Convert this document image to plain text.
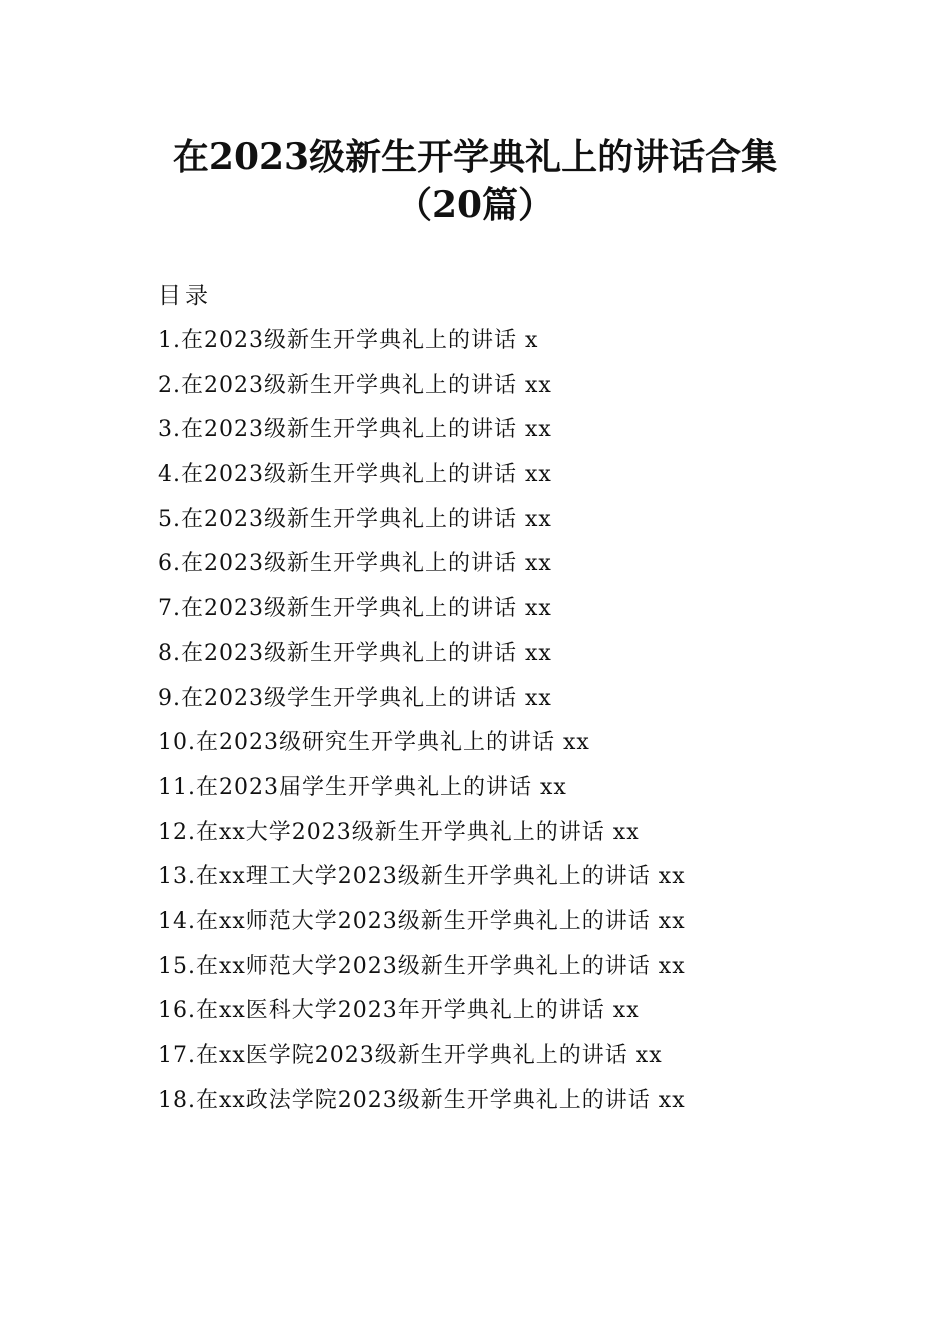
在2023级新生开学典礼上的讲话合集（20篇）
目录
1.在2023级新生开学典礼上的讲话 x
2.在2023级新生开学典礼上的讲话 xx
3.在2023级新生开学典礼上的讲话 xx
4.在2023级新生开学典礼上的讲话 xx
5.在2023级新生开学典礼上的讲话 xx
6.在2023级新生开学典礼上的讲话 xx
7.在2023级新生开学典礼上的讲话 xx
8.在2023级新生开学典礼上的讲话 xx
9.在2023级学生开学典礼上的讲话 xx
10.在2023级研究生开学典礼上的讲话 xx
11.在2023届学生开学典礼上的讲话 xx
12.在xx大学2023级新生开学典礼上的讲话 xx
13.在xx理工大学2023级新生开学典礼上的讲话 xx
14.在xx师范大学2023级新生开学典礼上的讲话 xx
15.在xx师范大学2023级新生开学典礼上的讲话 xx
16.在xx医科大学2023年开学典礼上的讲话 xx
17.在xx医学院2023级新生开学典礼上的讲话 xx
18.在xx政法学院2023级新生开学典礼上的讲话 xx
